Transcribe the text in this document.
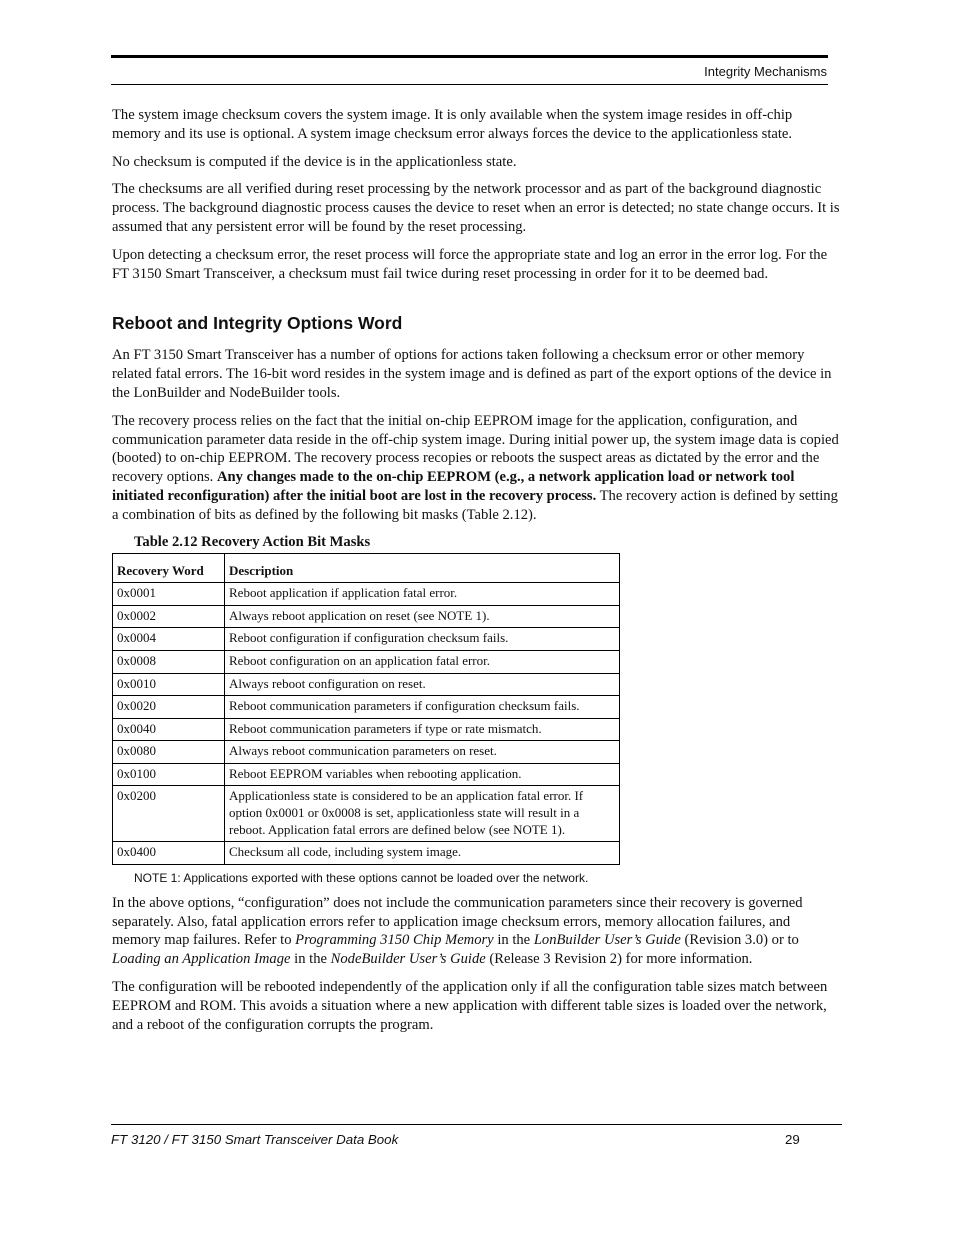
Integrity Mechanisms

The system image checksum covers the system image. It is only available when the system image resides in off-chip memory and its use is optional. A system image checksum error always forces the device to the applicationless state.

No checksum is computed if the device is in the applicationless state.

The checksums are all verified during reset processing by the network processor and as part of the background diagnostic process. The background diagnostic process causes the device to reset when an error is detected; no state change occurs. It is assumed that any persistent error will be found by the reset processing.

Upon detecting a checksum error, the reset process will force the appropriate state and log an error in the error log. For the FT 3150 Smart Transceiver, a checksum must fail twice during reset processing in order for it to be deemed bad.

Reboot and Integrity Options Word

An FT 3150 Smart Transceiver has a number of options for actions taken following a checksum error or other memory related fatal errors. The 16-bit word resides in the system image and is defined as part of the export options of the device in the LonBuilder and NodeBuilder tools.

The recovery process relies on the fact that the initial on-chip EEPROM image for the application, configuration, and communication parameter data reside in the off-chip system image. During initial power up, the system image data is copied (booted) to on-chip EEPROM. The recovery process recopies or reboots the suspect areas as dictated by the error and the recovery options. Any changes made to the on-chip EEPROM (e.g., a network application load or network tool initiated reconfiguration) after the initial boot are lost in the recovery process. The recovery action is defined by setting a combination of bits as defined by the following bit masks (Table 2.12).

Table 2.12 Recovery Action Bit Masks
Recovery Word	Description
0x0001	Reboot application if application fatal error.
0x0002	Always reboot application on reset (see NOTE 1).
0x0004	Reboot configuration if configuration checksum fails.
0x0008	Reboot configuration on an application fatal error.
0x0010	Always reboot configuration on reset.
0x0020	Reboot communication parameters if configuration checksum fails.
0x0040	Reboot communication parameters if type or rate mismatch.
0x0080	Always reboot communication parameters on reset.
0x0100	Reboot EEPROM variables when rebooting application.
0x0200	Applicationless state is considered to be an application fatal error. If option 0x0001 or 0x0008 is set, applicationless state will result in a reboot. Application fatal errors are defined below (see NOTE 1).
0x0400	Checksum all code, including system image.
NOTE 1: Applications exported with these options cannot be loaded over the network.

In the above options, “configuration” does not include the communication parameters since their recovery is governed separately. Also, fatal application errors refer to application image checksum errors, memory allocation failures, and memory map failures. Refer to Programming 3150 Chip Memory in the LonBuilder User’s Guide (Revision 3.0) or to Loading an Application Image in the NodeBuilder User’s Guide (Release 3 Revision 2) for more information.

The configuration will be rebooted independently of the application only if all the configuration table sizes match between EEPROM and ROM. This avoids a situation where a new application with different table sizes is loaded over the network, and a reboot of the configuration corrupts the program.

FT 3120 / FT 3150 Smart Transceiver Data Book	29
